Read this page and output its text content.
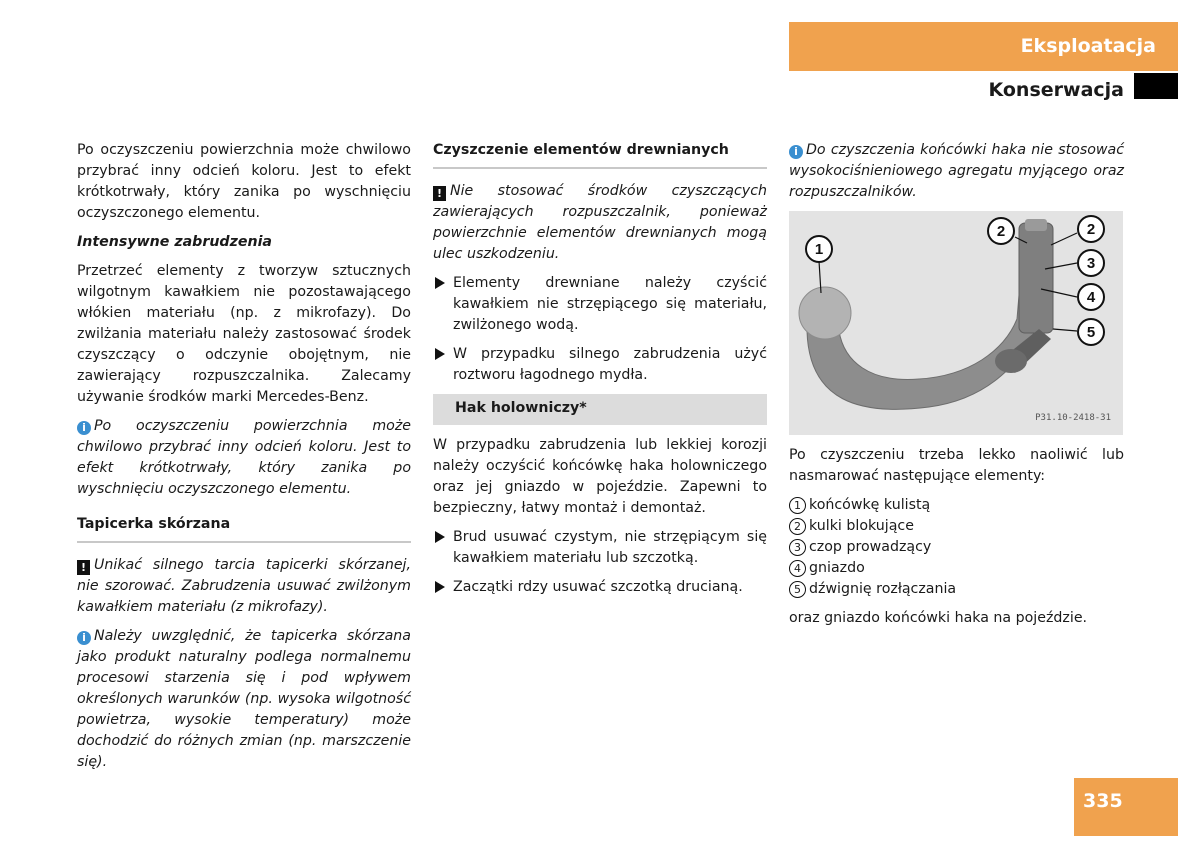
Eksploatacja
Konserwacja

Po oczyszczeniu powierzchnia może chwilowo przybrać inny odcień koloru. Jest to efekt krótkotrwały, który zanika po wyschnięciu oczyszczonego elementu.

Intensywne zabrudzenia

Przetrzeć elementy z tworzyw sztucznych wilgotnym kawałkiem nie pozostawającego włókien materiału (np. z mikrofazy). Do zwilżania materiału należy zastosować środek czyszczący o odczynie obojętnym, nie zawierający rozpuszczalnika. Zalecamy używanie środków marki Mercedes-Benz.

i Po oczyszczeniu powierzchnia może chwilowo przybrać inny odcień koloru. Jest to efekt krótkotrwały, który zanika po wyschnięciu oczyszczonego elementu.

Tapicerka skórzana

! Unikać silnego tarcia tapicerki skórzanej, nie szorować. Zabrudzenia usuwać zwilżonym kawałkiem materiału (z mikrofazy).

i Należy uwzględnić, że tapicerka skórzana jako produkt naturalny podlega normalnemu procesowi starzenia się i pod wpływem określonych warunków (np. wysoka wilgotność powietrza, wysokie temperatury) może dochodzić do różnych zmian (np. marszczenie się).

Czyszczenie elementów drewnianych

! Nie stosować środków czyszczących zawierających rozpuszczalnik, ponieważ powierzchnie elementów drewnianych mogą ulec uszkodzeniu.

Elementy drewniane należy czyścić kawałkiem nie strzępiącego się materiału, zwilżonego wodą.
W przypadku silnego zabrudzenia użyć roztworu łagodnego mydła.
Hak holowniczy*

W przypadku zabrudzenia lub lekkiej korozji należy oczyścić końcówkę haka holowniczego oraz jej gniazdo w pojeździe. Zapewni to bezpieczny, łatwy montaż i demontaż.

Brud usuwać czystym, nie strzępiącym się kawałkiem materiału lub szczotką.
Zaczątki rdzy usuwać szczotką drucianą.

i Do czyszczenia końcówki haka nie stosować wysokociśnieniowego agregatu myjącego oraz rozpuszczalników.

1
2	2
3
4
5
P31.10-2418-31

Po czyszczeniu trzeba lekko naoliwić lub nasmarować następujące elementy:

1 końcówkę kulistą
2 kulki blokujące
3 czop prowadzący
4 gniazdo
5 dźwignię rozłączania

oraz gniazdo końcówki haka na pojeździe.

335
